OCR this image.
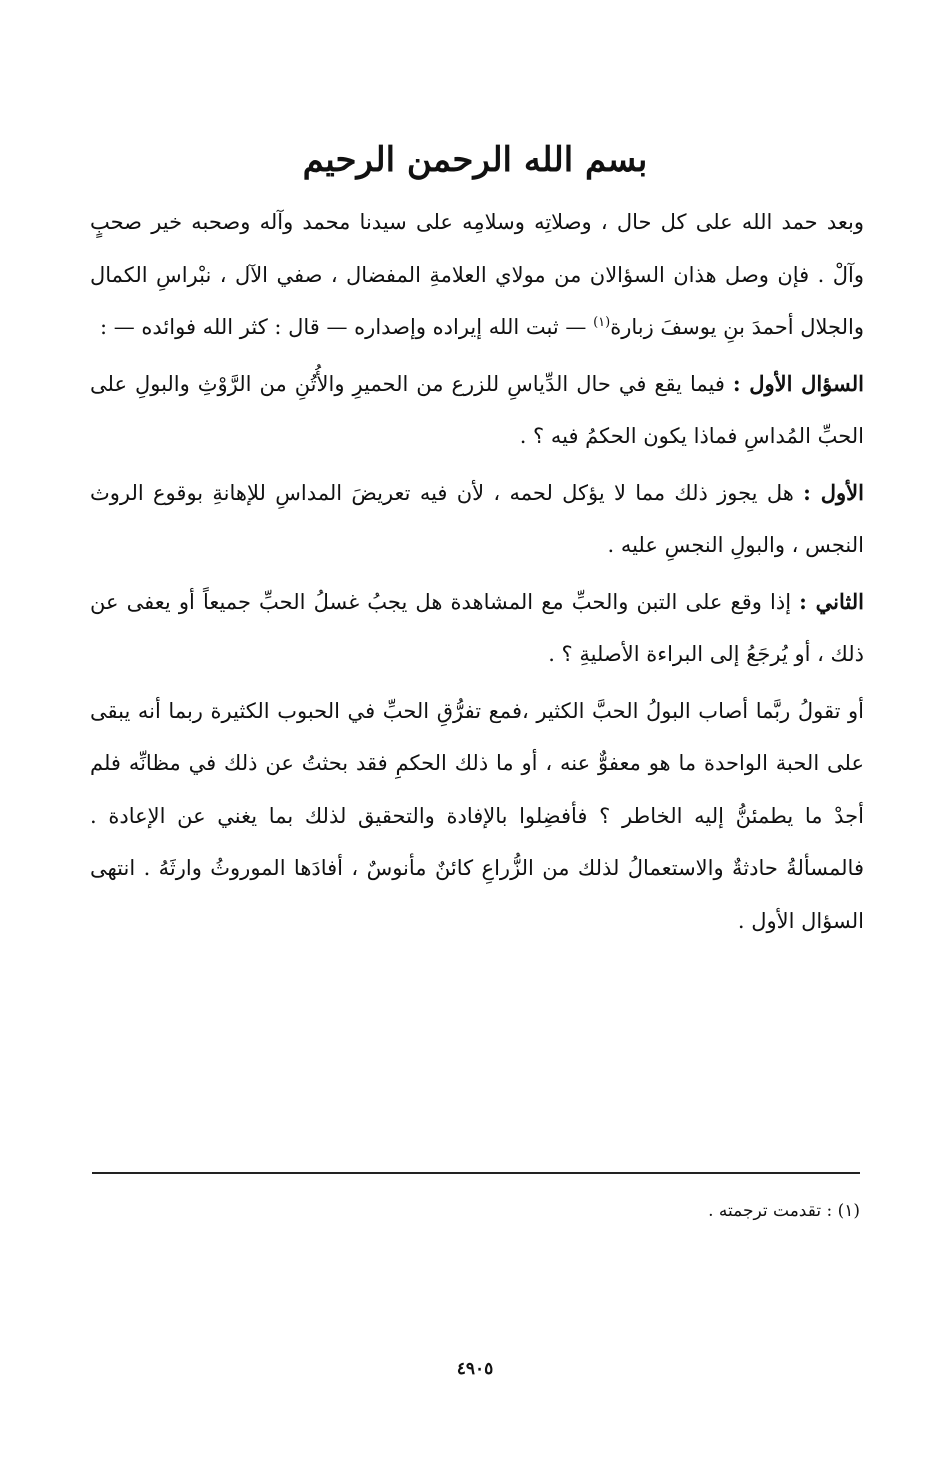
بسم الله الرحمن الرحيم

وبعد حمد الله على كل حال ، وصلاتِه وسلامِه على سيدنا محمد وآله وصحبه خير صحبٍ وآلْ . فإن وصل هذان السؤالان من مولاي العلامةِ المفضال ، صفي الآل ، نبْراسِ الكمال والجلال أحمدَ بنِ يوسفَ زبارة$^{(١)}$ — ثبت الله إيراده وإصداره — قال : كثر الله فوائده — :

السؤال الأول : فيما يقع في حال الدِّياسِ للزرع من الحميرِ والأُتُنِ من الرَّوْثِ والبولِ على الحبِّ المُداسِ فماذا يكون الحكمُ فيه ؟ .

الأول : هل يجوز ذلك مما لا يؤكل لحمه ، لأن فيه تعريضَ المداسِ للإهانةِ بوقوع الروث النجس ، والبولِ النجسِ عليه .

الثاني : إذا وقع على التبن والحبِّ مع المشاهدة هل يجبُ غسلُ الحبِّ جميعاً أو يعفى عن ذلك ، أو يُرجَعُ إلى البراءة الأصليةِ ؟ .

أو تقولُ ربَّما أصاب البولُ الحبَّ الكثير ،فمع تفرُّقِ الحبِّ في الحبوب الكثيرة ربما أنه يبقى على الحبة الواحدة ما هو معفوٌّ عنه ، أو ما ذلك الحكمِ فقد بحثتُ عن ذلك في مظانِّه فلم أجدْ ما يطمئنُّ إليه الخاطر ؟ فأفضِلوا بالإفادة والتحقيق لذلك بما يغني عن الإعادة . فالمسألةُ حادثةٌ والاستعمالُ لذلك من الزُّراعِ كائنٌ مأنوسٌ ، أفادَها الموروثُ وارثَهُ . انتهى السؤال الأول .

(١) : تقدمت ترجمته .
٤٩٠٥
